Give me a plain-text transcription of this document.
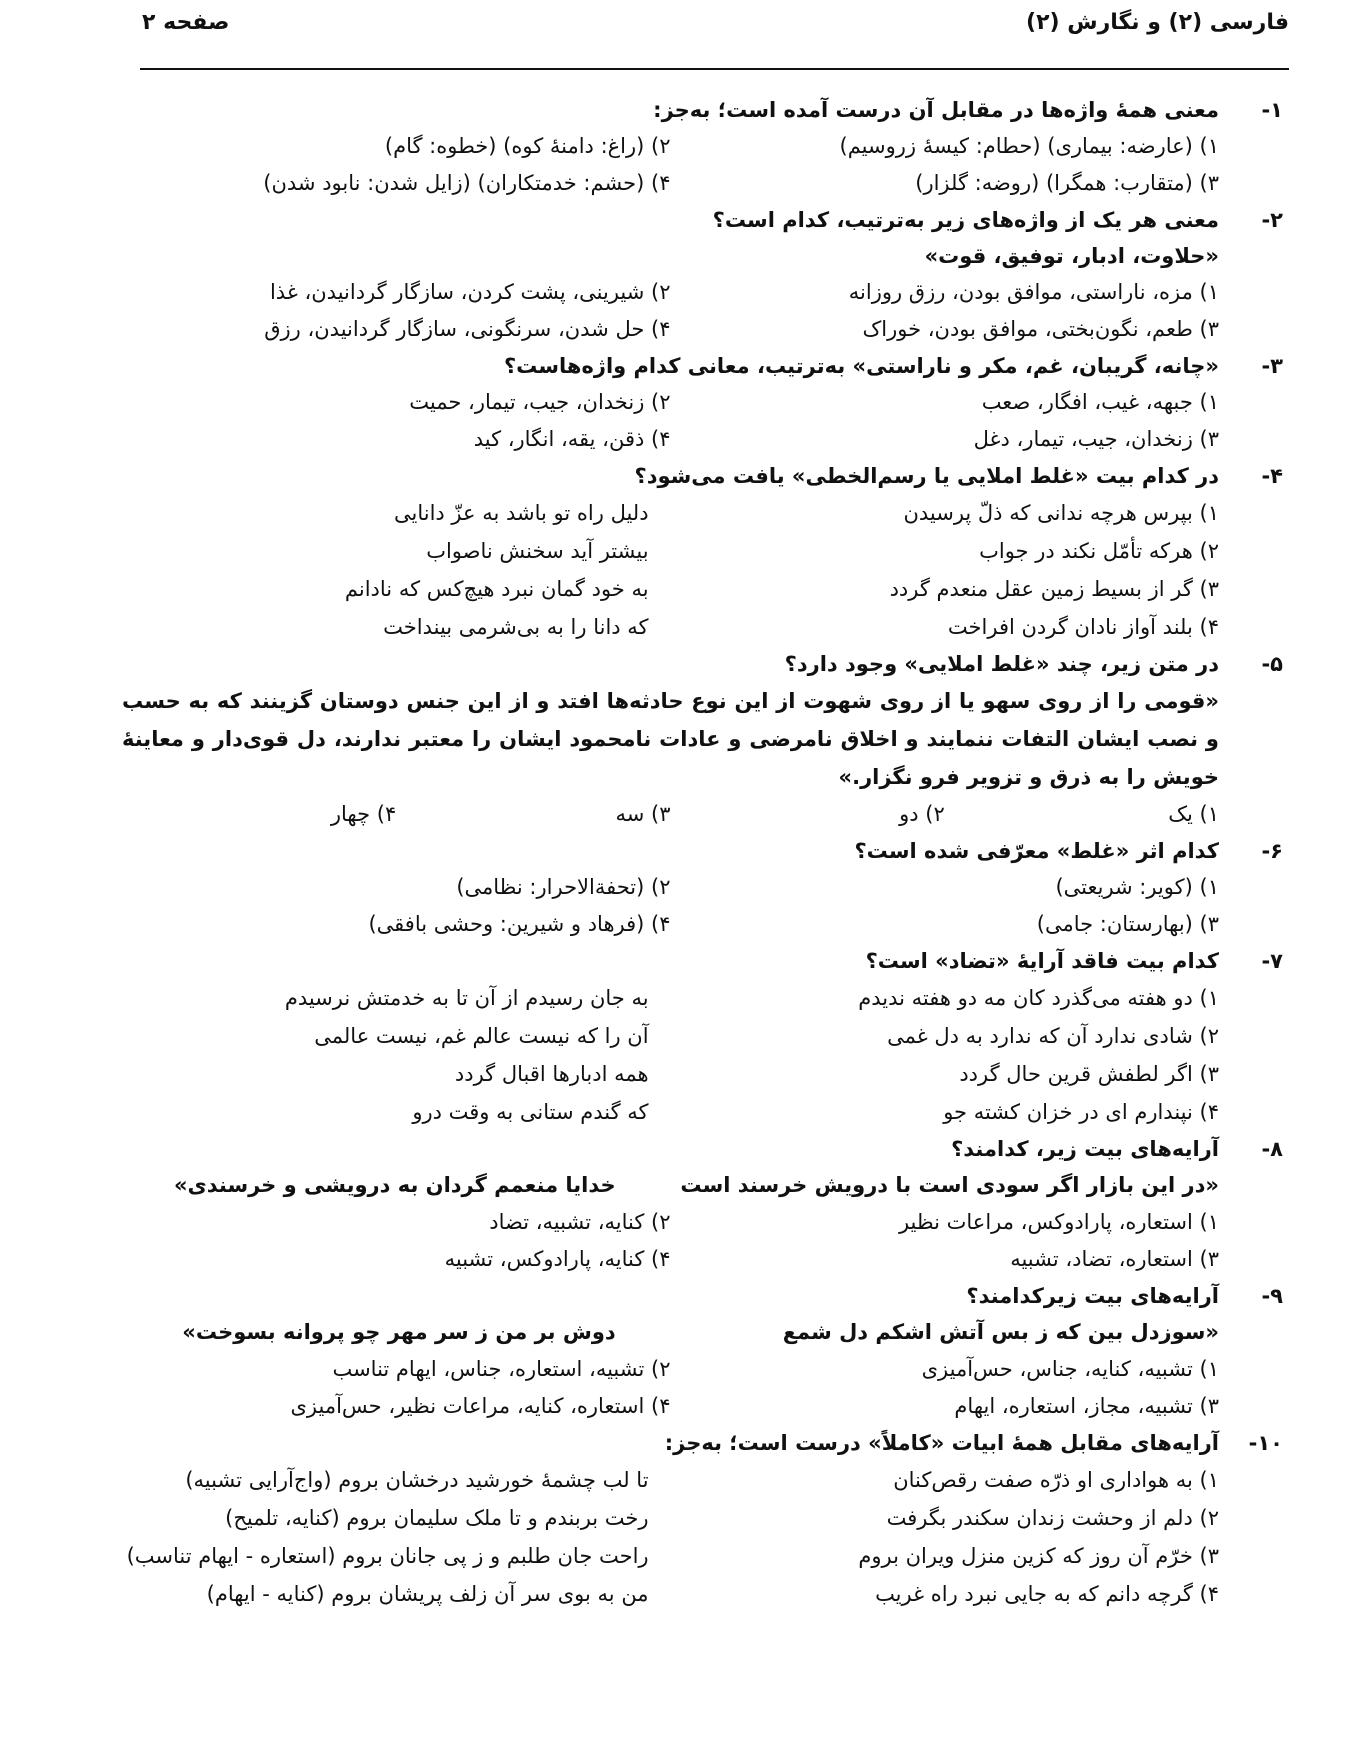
فارسی (۲) و نگارش (۲)
صفحه ۲
۱-
معنی همهٔ واژه‌ها در مقابل آن درست آمده است؛ به‌جز:
۱) (عارضه: بیماری) (حطام: کیسهٔ زروسیم)
۲) (راغ: دامنهٔ کوه) (خطوه: گام)
۳) (متقارب: همگرا) (روضه: گلزار)
۴) (حشم: خدمتکاران) (زایل شدن: نابود شدن)
۲-
معنی هر یک از واژه‌های زیر به‌ترتیب، کدام است؟
«حلاوت، ادبار، توفیق، قوت»
۱) مزه، ناراستی، موافق بودن، رزق روزانه
۲) شیرینی، پشت کردن، سازگار گردانیدن، غذا
۳) طعم، نگون‌بختی، موافق بودن، خوراک
۴) حل شدن، سرنگونی، سازگار گردانیدن، رزق
۳-
«چانه، گریبان، غم، مکر و ناراستی» به‌ترتیب، معانی کدام واژه‌هاست؟
۱) جبهه، غیب، افگار، صعب
۲) زنخدان، جیب، تیمار، حمیت
۳) زنخدان، جیب، تیمار، دغل
۴) ذقن، یقه، انگار، کید
۴-
در کدام بیت «غلط املایی یا رسم‌الخطی» یافت می‌شود؟
۱) بپرس هرچه ندانی که ذلّ پرسیدن
دلیل راه تو باشد به عزّ دانایی
۲) هرکه تأمّل نکند در جواب
بیشتر آید سخنش ناصواب
۳) گر از بسیط زمین عقل منعدم گردد
به خود گمان نبرد هیچ‌کس که نادانم
۴) بلند آواز نادان گردن افراخت
که دانا را به بی‌شرمی بینداخت
۵-
در متن زیر، چند «غلط املایی» وجود دارد؟
«قومی را از روی سهو یا از روی شهوت از این نوع حادثه‌ها افتد و از این جنس دوستان گزینند که به حسب و نصب ایشان التفات ننمایند و اخلاق نامرضی و عادات نامحمود ایشان را معتبر ندارند، دل قوی‌دار و معاینهٔ خویش را به ذرق و تزویر فرو نگزار.»
۱) یک
۲) دو
۳) سه
۴) چهار
۶-
کدام اثر «غلط» معرّفی شده است؟
۱) (کویر: شریعتی)
۲) (تحفةالاحرار: نظامی)
۳) (بهارستان: جامی)
۴) (فرهاد و شیرین: وحشی بافقی)
۷-
کدام بیت فاقد آرایهٔ «تضاد» است؟
۱) دو هفته می‌گذرد کان مه دو هفته ندیدم
به جان رسیدم از آن تا به خدمتش نرسیدم
۲) شادی ندارد آن که ندارد به دل غمی
آن را که نیست عالم غم، نیست عالمی
۳) اگر لطفش قرین حال گردد
همه ادبارها اقبال گردد
۴) نپندارم ای در خزان کشته جو
که گندم ستانی به وقت درو
۸-
آرایه‌های بیت زیر، کدامند؟
«در این بازار اگر سودی است با درویش خرسند است
خدایا منعمم گردان به درویشی و خرسندی»
۱) استعاره، پارادوکس، مراعات نظیر
۲) کنایه، تشبیه، تضاد
۳) استعاره، تضاد، تشبیه
۴) کنایه، پارادوکس، تشبیه
۹-
آرایه‌های بیت زیرکدامند؟
«سوزدل بین که ز بس آتش اشکم دل شمع
دوش بر من ز سر مهر چو پروانه بسوخت»
۱) تشبیه، کنایه، جناس، حس‌آمیزی
۲) تشبیه، استعاره، جناس، ایهام تناسب
۳) تشبیه، مجاز، استعاره، ایهام
۴) استعاره، کنایه، مراعات نظیر، حس‌آمیزی
۱۰-
آرایه‌های مقابل همهٔ ابیات «کاملاً» درست است؛ به‌جز:
۱) به هواداری او ذرّه صفت رقص‌کنان
تا لب چشمهٔ خورشید درخشان بروم (واج‌آرایی تشبیه)
۲) دلم از وحشت زندان سکندر بگرفت
رخت بربندم و تا ملک سلیمان بروم (کنایه، تلمیح)
۳) خرّم آن روز که کزین منزل ویران بروم
راحت جان طلبم و ز پی جانان بروم (استعاره - ایهام تناسب)
۴) گرچه دانم که به جایی نبرد راه غریب
من به بوی سر آن زلف پریشان بروم (کنایه - ایهام)
